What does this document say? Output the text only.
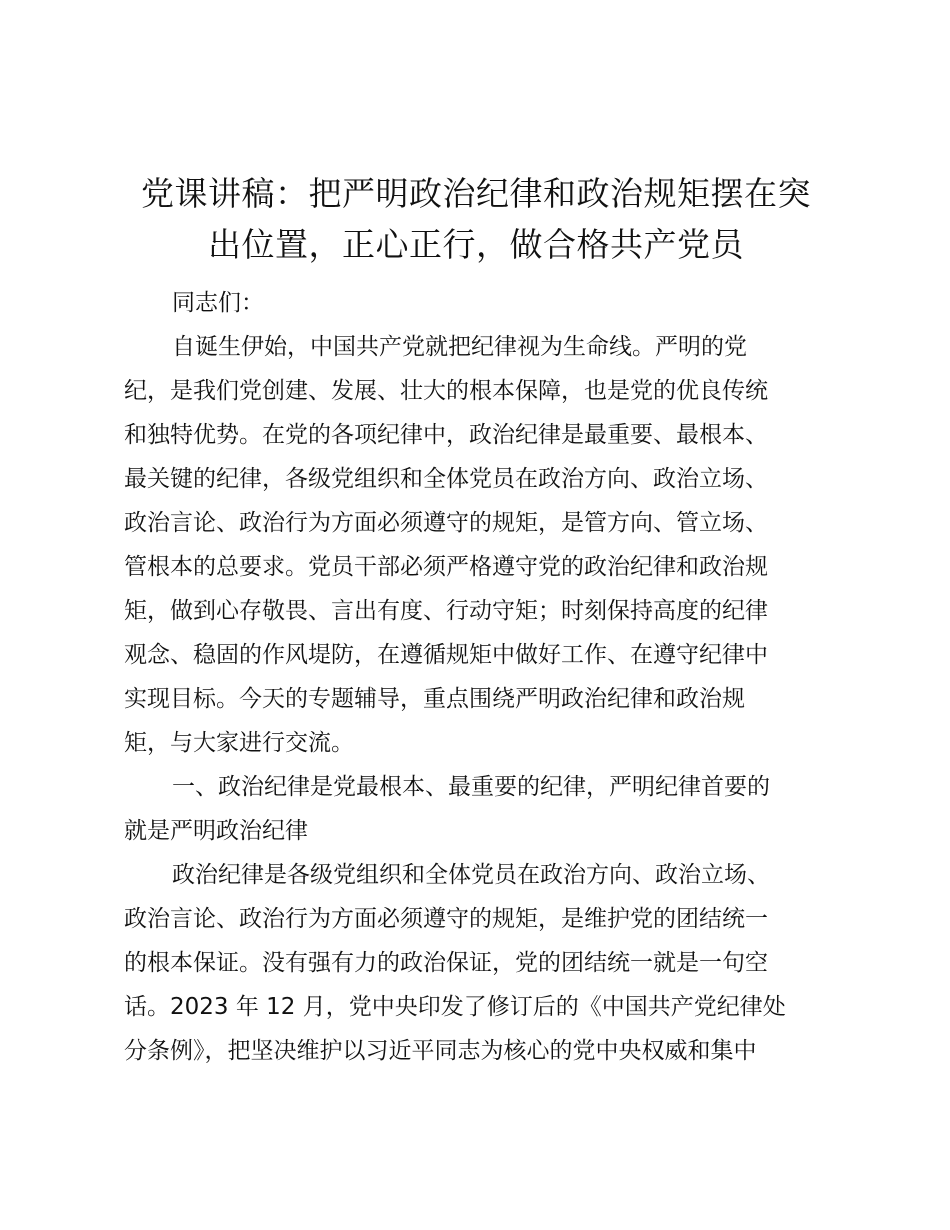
党课讲稿：把严明政治纪律和政治规矩摆在突
出位置，正心正行，做合格共产党员
同志们：
自诞生伊始，中国共产党就把纪律视为生命线。严明的党
纪，是我们党创建、发展、壮大的根本保障，也是党的优良传统
和独特优势。在党的各项纪律中，政治纪律是最重要、最根本、
最关键的纪律，各级党组织和全体党员在政治方向、政治立场、
政治言论、政治行为方面必须遵守的规矩，是管方向、管立场、
管根本的总要求。党员干部必须严格遵守党的政治纪律和政治规
矩，做到心存敬畏、言出有度、行动守矩；时刻保持高度的纪律
观念、稳固的作风堤防，在遵循规矩中做好工作、在遵守纪律中
实现目标。今天的专题辅导，重点围绕严明政治纪律和政治规
矩，与大家进行交流。
一、政治纪律是党最根本、最重要的纪律，严明纪律首要的
就是严明政治纪律
政治纪律是各级党组织和全体党员在政治方向、政治立场、
政治言论、政治行为方面必须遵守的规矩，是维护党的团结统一
的根本保证。没有强有力的政治保证，党的团结统一就是一句空
话。2023 年 12 月，党中央印发了修订后的《中国共产党纪律处
分条例》，把坚决维护以习近平同志为核心的党中央权威和集中
